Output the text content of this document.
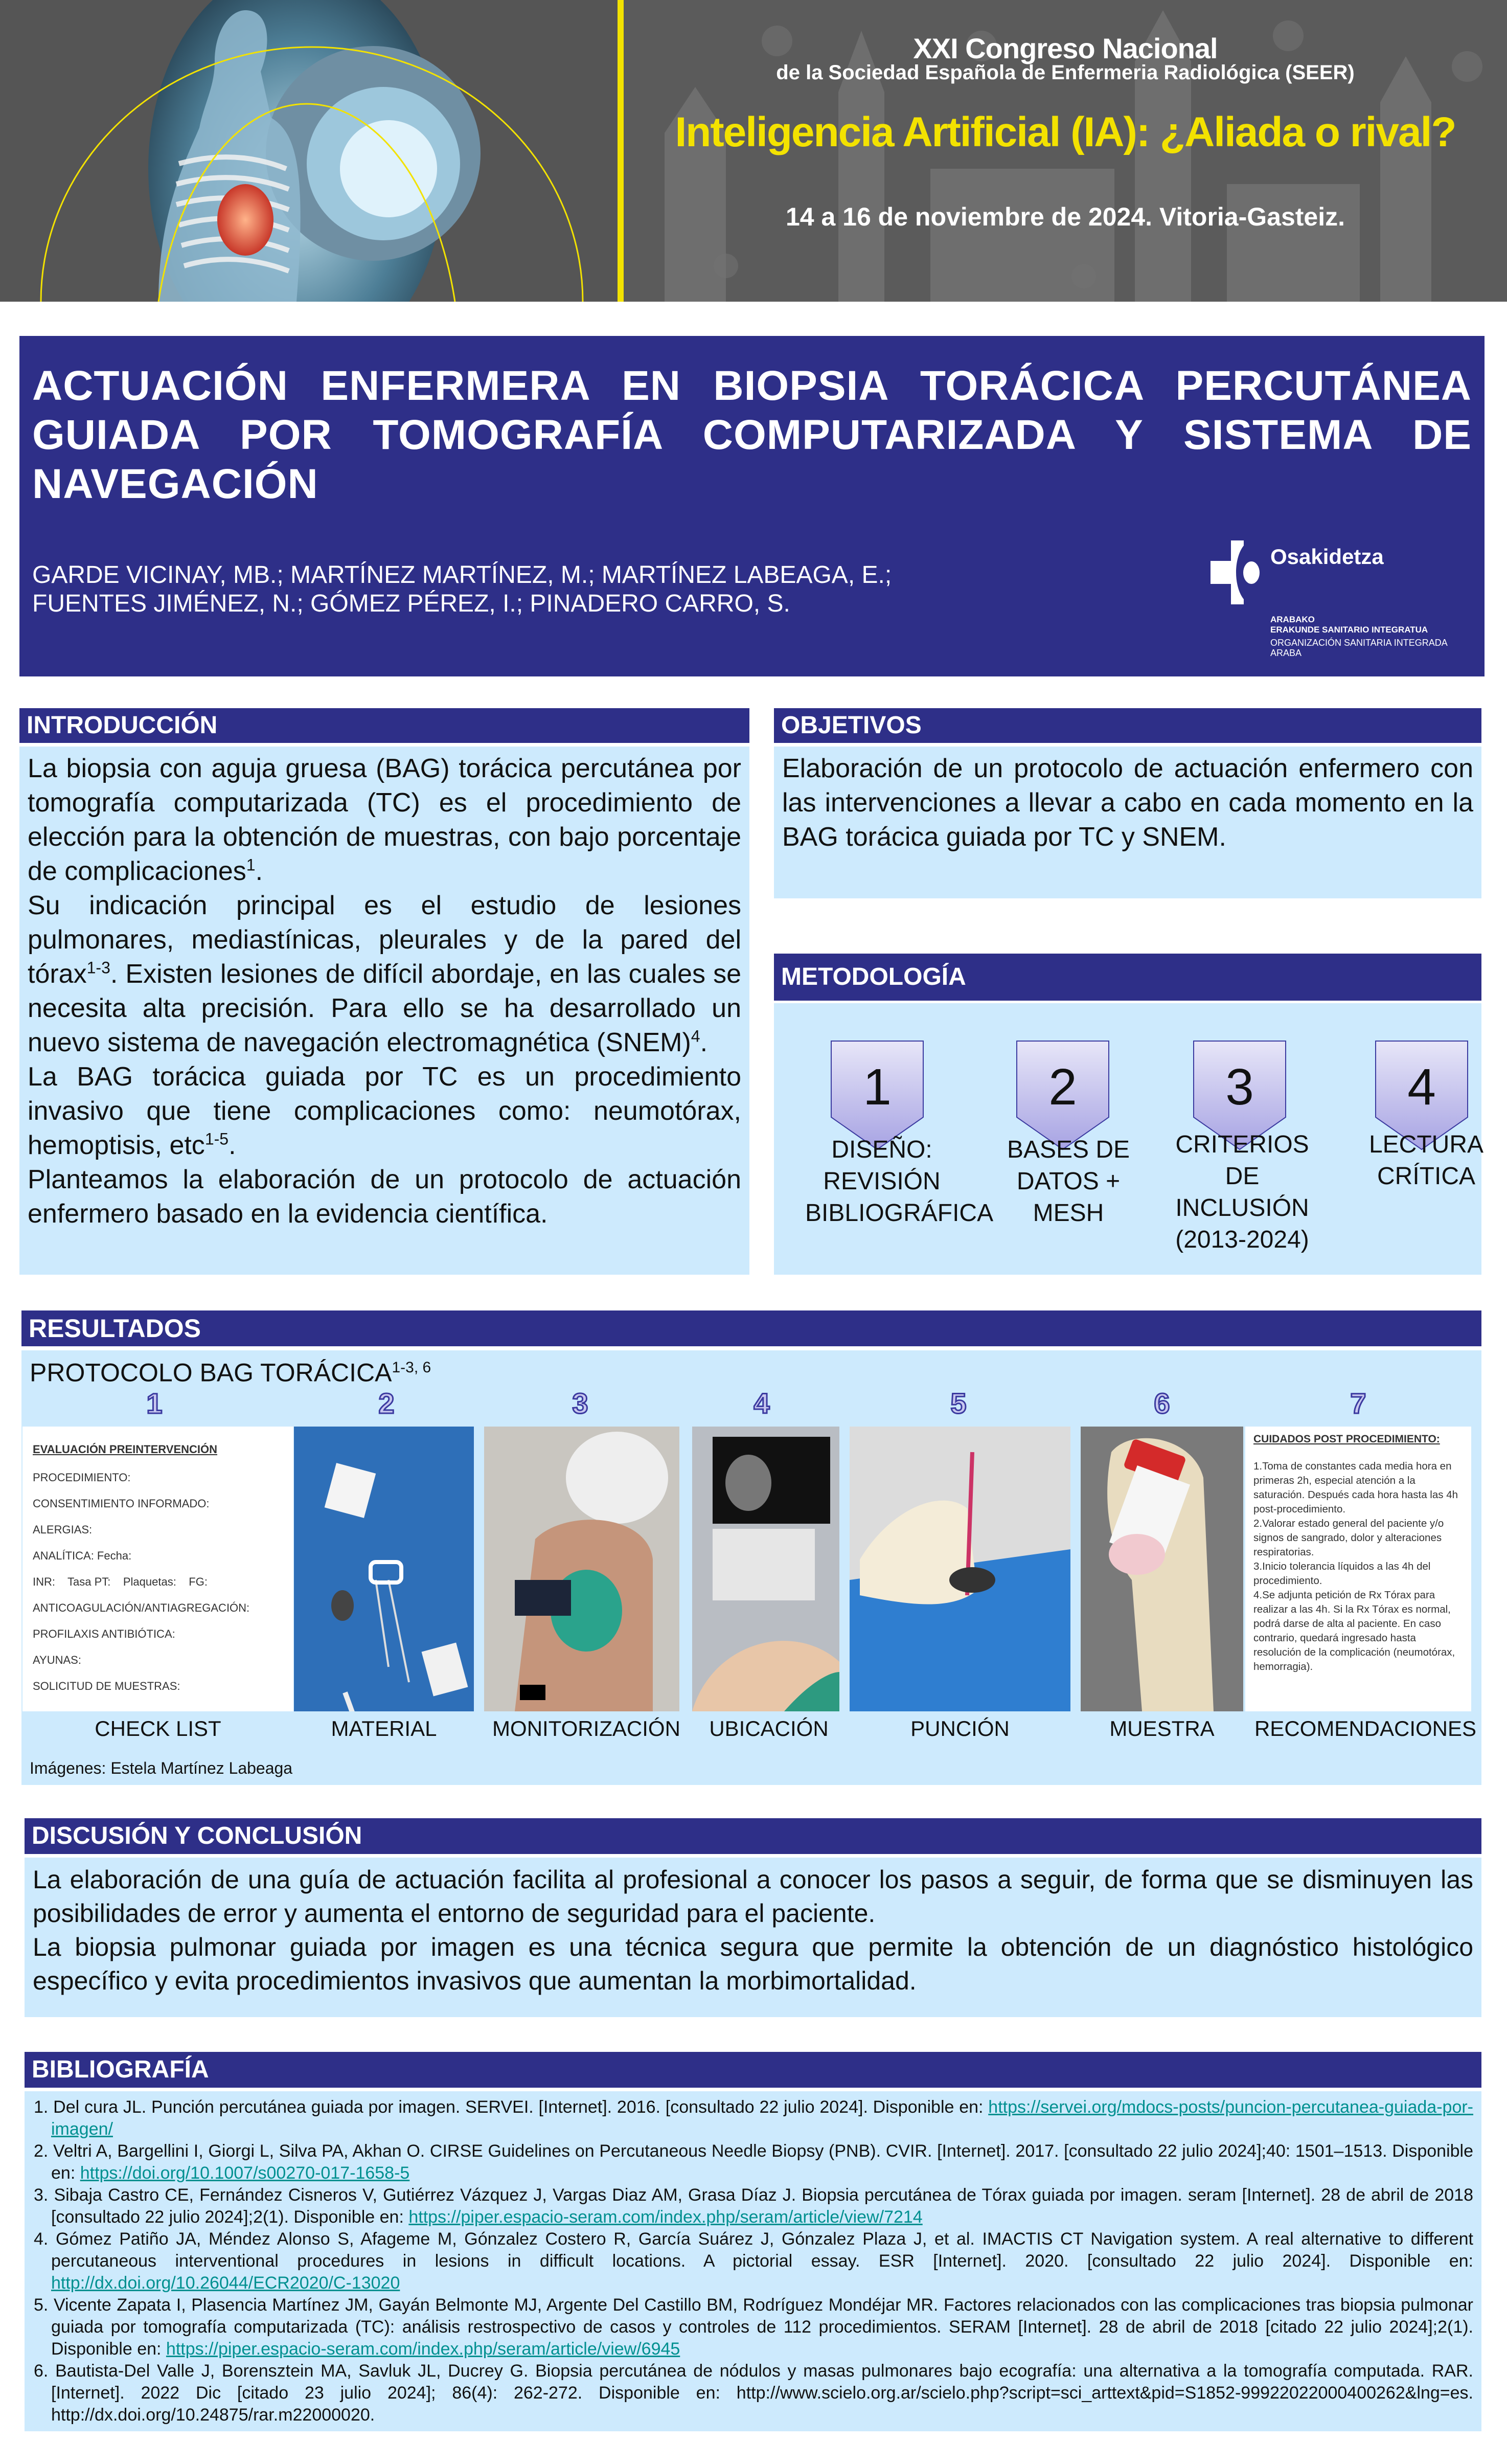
XXI Congreso Nacional
de la Sociedad Española de Enfermeria Radiológica (SEER)
Inteligencia Artificial (IA): ¿Aliada o rival?
14 a 16 de noviembre de 2024. Vitoria-Gasteiz.
ACTUACIÓN ENFERMERA EN BIOPSIA TORÁCICA PERCUTÁNEA GUIADA POR TOMOGRAFÍA COMPUTARIZADA Y SISTEMA DE NAVEGACIÓN
GARDE VICINAY, MB.; MARTÍNEZ MARTÍNEZ, M.; MARTÍNEZ LABEAGA, E.;
FUENTES JIMÉNEZ, N.; GÓMEZ PÉREZ, I.; PINADERO CARRO, S.
Osakidetza
ARABAKO
ERAKUNDE SANITARIO INTEGRATUA
ORGANIZACIÓN SANITARIA INTEGRADA
ARABA
INTRODUCCIÓN

La biopsia con aguja gruesa (BAG) torácica percutánea por tomografía computarizada (TC) es el procedimiento de elección para la obtención de muestras, con bajo porcentaje de complicaciones$^1$.

Su indicación principal es el estudio de lesiones pulmonares, mediastínicas, pleurales y de la pared del tórax$^{1-3}$. Existen lesiones de difícil abordaje, en las cuales se necesita alta precisión. Para ello se ha desarrollado un nuevo sistema de navegación electromagnética (SNEM)$^4$.

La BAG torácica guiada por TC es un procedimiento invasivo que tiene complicaciones como: neumotórax, hemoptisis, etc$^{1-5}$.

Planteamos la elaboración de un protocolo de actuación enfermero basado en la evidencia científica.

OBJETIVOS

Elaboración de un protocolo de actuación enfermero con las intervenciones a llevar a cabo en cada momento en la BAG torácica guiada por TC y SNEM.

METODOLOGÍA
1
DISEÑO:
REVISIÓN
BIBLIOGRÁFICA
2
BASES DE
DATOS +
MESH
3
CRITERIOS
DE
INCLUSIÓN
(2013-2024)
4
LECTURA
CRÍTICA
RESULTADOS
PROTOCOLO BAG TORÁCICA$^{1-3, 6}$

EVALUACIÓN PREINTERVENCIÓN

PROCEDIMIENTO:

CONSENTIMIENTO INFORMADO:

ALERGIAS:

ANALÍTICA: Fecha:

INR:    Tasa PT:    Plaquetas:    FG:

ANTICOAGULACIÓN/ANTIAGREGACIÓN:

PROFILAXIS ANTIBIÓTICA:

AYUNAS:

SOLICITUD DE MUESTRAS:

CUIDADOS POST PROCEDIMIENTO:

1.Toma de constantes cada media hora en primeras 2h, especial atención a la saturación. Después cada hora hasta las 4h post-procedimiento.

2.Valorar estado general del paciente y/o signos de sangrado, dolor y alteraciones respiratorias.

3.Inicio tolerancia líquidos a las 4h del procedimiento.

4.Se adjunta petición de Rx Tórax para realizar a las 4h. Si la Rx Tórax es normal, podrá darse de alta al paciente. En caso contrario, quedará ingresado hasta resolución de la complicación (neumotórax, hemorragia).

1
CHECK LIST
2
MATERIAL
3
MONITORIZACIÓN
4
UBICACIÓN
5
PUNCIÓN
6
MUESTRA
7
RECOMENDACIONES
Imágenes: Estela Martínez Labeaga
DISCUSIÓN Y CONCLUSIÓN

La elaboración de una guía de actuación facilita al profesional a conocer los pasos a seguir, de forma que se disminuyen las posibilidades de error y aumenta el entorno de seguridad para el paciente.

La biopsia pulmonar guiada por imagen es una técnica segura que permite la obtención de un diagnóstico histológico específico y evita procedimientos invasivos que aumentan la morbimortalidad.

BIBLIOGRAFÍA

1. Del cura JL. Punción percutánea guiada por imagen. SERVEI. [Internet]. 2016. [consultado 22 julio 2024]. Disponible en: https://servei.org/mdocs-posts/puncion-percutanea-guiada-por-imagen/

2. Veltri A, Bargellini I, Giorgi L, Silva PA, Akhan O. CIRSE Guidelines on Percutaneous Needle Biopsy (PNB). CVIR. [Internet]. 2017. [consultado 22 julio 2024];40: 1501–1513. Disponible en: https://doi.org/10.1007/s00270-017-1658-5

3. Sibaja Castro CE, Fernández Cisneros V, Gutiérrez Vázquez J, Vargas Diaz AM, Grasa Díaz J. Biopsia percutánea de Tórax guiada por imagen. seram [Internet]. 28 de abril de 2018 [consultado 22 julio 2024];2(1). Disponible en: https://piper.espacio-seram.com/index.php/seram/article/view/7214

4. Gómez Patiño JA, Méndez Alonso S, Afageme M, Gónzalez Costero R, García Suárez J, Gónzalez Plaza J, et al. IMACTIS CT Navigation system. A real alternative to different percutaneous interventional procedures in lesions in difficult locations. A pictorial essay. ESR [Internet]. 2020. [consultado 22 julio 2024]. Disponible en: http://dx.doi.org/10.26044/ECR2020/C-13020

5. Vicente Zapata I, Plasencia Martínez JM, Gayán Belmonte MJ, Argente Del Castillo BM, Rodríguez Mondéjar MR. Factores relacionados con las complicaciones tras biopsia pulmonar guiada por tomografía computarizada (TC): análisis restrospectivo de casos y controles de 112 procedimientos. SERAM [Internet]. 28 de abril de 2018 [citado 22 julio 2024];2(1). Disponible en: https://piper.espacio-seram.com/index.php/seram/article/view/6945

6. Bautista-Del Valle J, Borensztein MA, Savluk JL, Ducrey G. Biopsia percutánea de nódulos y masas pulmonares bajo ecografía: una alternativa a la tomografía computada. RAR. [Internet]. 2022 Dic [citado 23 julio 2024]; 86(4): 262-272. Disponible en: http://www.scielo.org.ar/scielo.php?script=sci_arttext&pid=S1852-99922022000400262&lng=es. http://dx.doi.org/10.24875/rar.m22000020.
